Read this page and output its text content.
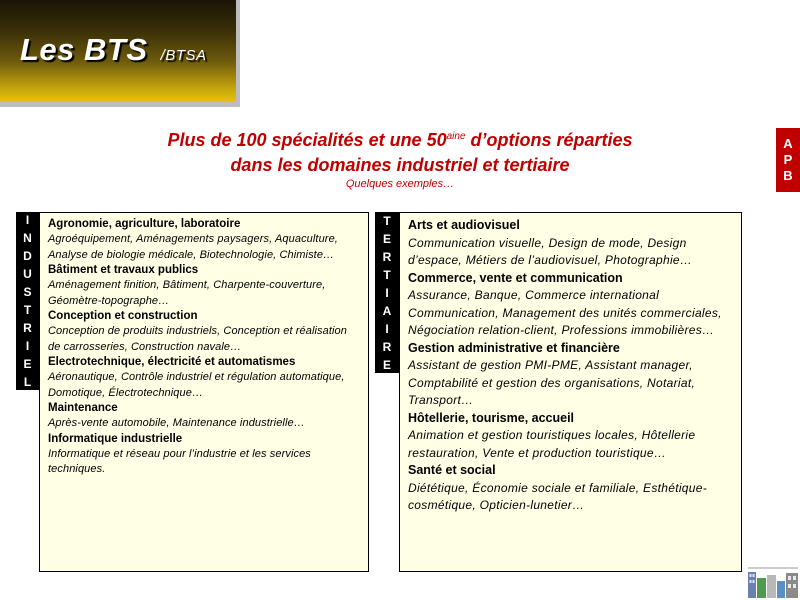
Les BTS /BTSA
Plus de 100 spécialités et une $50^{aine}$ d’options réparties
dans les domaines industriel et tertiaire
Quelques exemples…
A
P
B
I
N
D
U
S
T
R
I
E
L
Agronomie, agriculture, laboratoire
Agroéquipement, Aménagements paysagers, Aquaculture, Analyse de biologie médicale, Biotechnologie, Chimiste…
Bâtiment et travaux publics
Aménagement finition, Bâtiment, Charpente-couverture, Géomètre-topographe…
Conception et construction
Conception de produits industriels, Conception et réalisation de carrosseries, Construction navale…
Electrotechnique, électricité et automatismes
Aéronautique, Contrôle industriel et régulation automatique, Domotique, Électrotechnique…
Maintenance
Après-vente automobile, Maintenance industrielle…
Informatique industrielle
Informatique et réseau pour l’industrie et les services techniques.
T
E
R
T
I
A
I
R
E
Arts et audiovisuel
Communication visuelle, Design de mode, Design d’espace, Métiers de l’audiovisuel, Photographie…
Commerce, vente et communication
Assurance, Banque, Commerce international Communication, Management des unités commerciales, Négociation relation-client, Professions immobilières…
Gestion administrative et financière
Assistant de gestion PMI-PME, Assistant manager, Comptabilité et gestion des organisations, Notariat, Transport…
Hôtellerie, tourisme, accueil
Animation et gestion touristiques locales, Hôtellerie restauration, Vente et production touristique…
Santé et social
Diététique, Économie sociale et familiale, Esthétique-cosmétique, Opticien-lunetier…
